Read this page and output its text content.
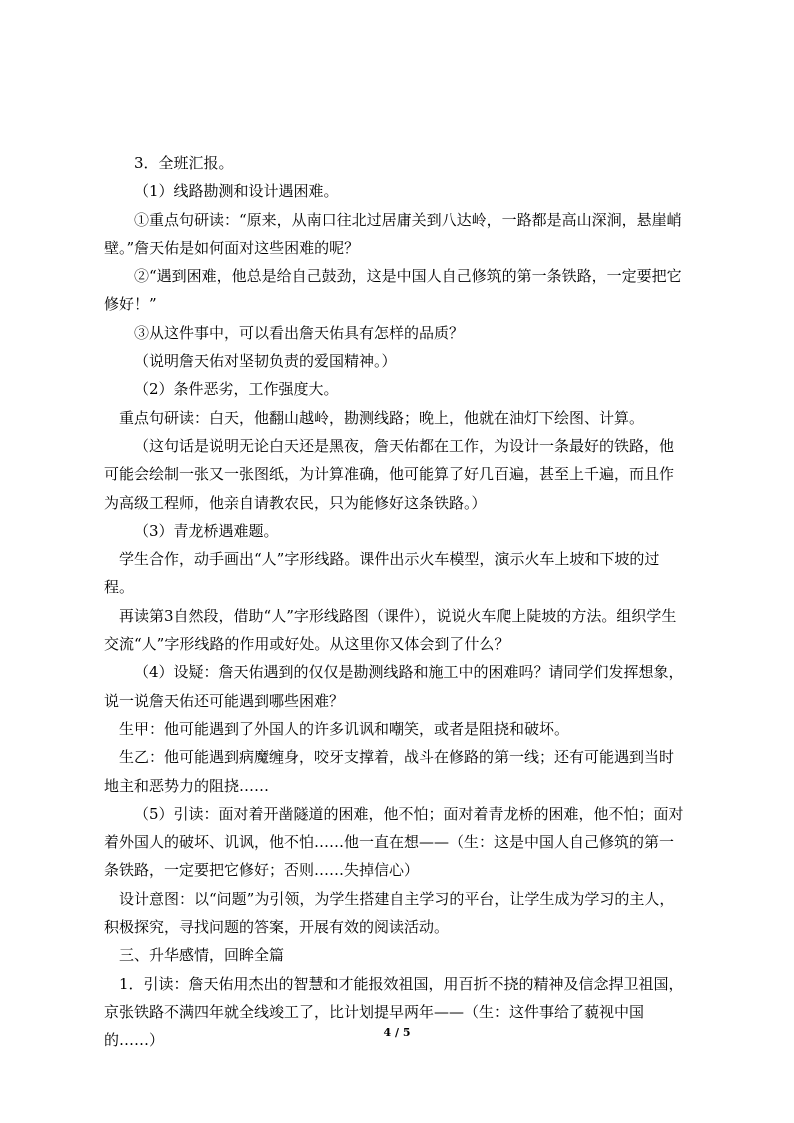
3．全班汇报。

（1）线路勘测和设计遇困难。

①重点句研读：“原来，从南口往北过居庸关到八达岭，一路都是高山深涧，悬崖峭壁。”詹天佑是如何面对这些困难的呢？

②“遇到困难，他总是给自己鼓劲，这是中国人自己修筑的第一条铁路，一定要把它修好！”

③从这件事中，可以看出詹天佑具有怎样的品质？

（说明詹天佑对坚韧负责的爱国精神。）

（2）条件恶劣，工作强度大。

重点句研读：白天，他翻山越岭，勘测线路；晚上，他就在油灯下绘图、计算。

（这句话是说明无论白天还是黑夜，詹天佑都在工作，为设计一条最好的铁路，他可能会绘制一张又一张图纸，为计算准确，他可能算了好几百遍，甚至上千遍，而且作为高级工程师，他亲自请教农民，只为能修好这条铁路。）

（3）青龙桥遇难题。

学生合作，动手画出“人”字形线路。课件出示火车模型，演示火车上坡和下坡的过程。

再读第3自然段，借助“人”字形线路图（课件），说说火车爬上陡坡的方法。组织学生交流“人”字形线路的作用或好处。从这里你又体会到了什么？

（4）设疑：詹天佑遇到的仅仅是勘测线路和施工中的困难吗？请同学们发挥想象，说一说詹天佑还可能遇到哪些困难？

生甲：他可能遇到了外国人的许多讥讽和嘲笑，或者是阻挠和破坏。

生乙：他可能遇到病魔缠身，咬牙支撑着，战斗在修路的第一线；还有可能遇到当时地主和恶势力的阻挠……

（5）引读：面对着开凿隧道的困难，他不怕；面对着青龙桥的困难，他不怕；面对着外国人的破坏、讥讽，他不怕……他一直在想——（生：这是中国人自己修筑的第一条铁路，一定要把它修好；否则……失掉信心）

设计意图：以“问题”为引领，为学生搭建自主学习的平台，让学生成为学习的主人，积极探究，寻找问题的答案，开展有效的阅读活动。

三、升华感情，回眸全篇

1．引读：詹天佑用杰出的智慧和才能报效祖国，用百折不挠的精神及信念捍卫祖国，京张铁路不满四年就全线竣工了，比计划提早两年——（生：这件事给了藐视中国的……）	4 / 5
